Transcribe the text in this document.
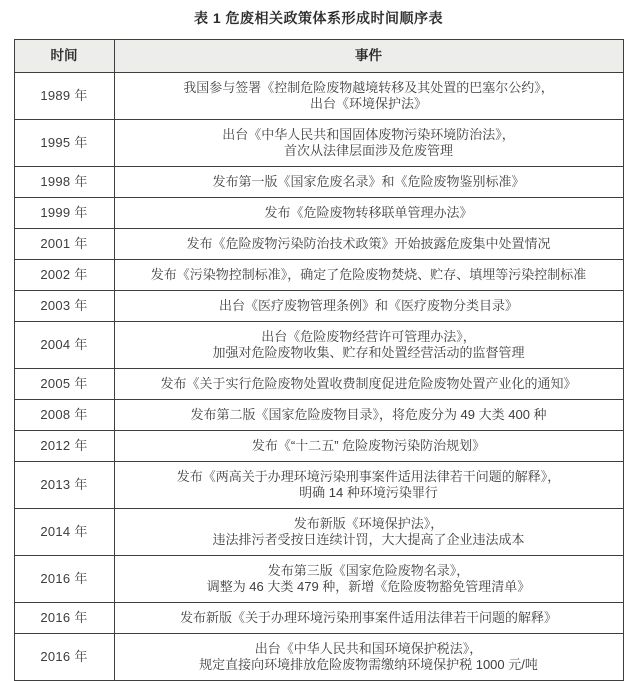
表 1 危废相关政策体系形成时间顺序表
时间	事件
1989 年	我国参与签署《控制危险废物越境转移及其处置的巴塞尔公约》，
出台《环境保护法》
1995 年	出台《中华人民共和国固体废物污染环境防治法》，
首次从法律层面涉及危废管理
1998 年	发布第一版《国家危废名录》和《危险废物鉴别标准》
1999 年	发布《危险废物转移联单管理办法》
2001 年	发布《危险废物污染防治技术政策》开始披露危废集中处置情况
2002 年	发布《污染物控制标准》，确定了危险废物焚烧、贮存、填埋等污染控制标准
2003 年	出台《医疗废物管理条例》和《医疗废物分类目录》
2004 年	出台《危险废物经营许可管理办法》，
加强对危险废物收集、贮存和处置经营活动的监督管理
2005 年	发布《关于实行危险废物处置收费制度促进危险废物处置产业化的通知》
2008 年	发布第二版《国家危险废物目录》，将危废分为 49 大类 400 种
2012 年	发布《“十二五” 危险废物污染防治规划》
2013 年	发布《两高关于办理环境污染刑事案件适用法律若干问题的解释》，
明确 14 种环境污染罪行
2014 年	发布新版《环境保护法》，
违法排污者受按日连续计罚，大大提高了企业违法成本
2016 年	发布第三版《国家危险废物名录》，
调整为 46 大类 479 种，新增《危险废物豁免管理清单》
2016 年	发布新版《关于办理环境污染刑事案件适用法律若干问题的解释》
2016 年	出台《中华人民共和国环境保护税法》，
规定直接向环境排放危险废物需缴纳环境保护税 1000 元/吨
